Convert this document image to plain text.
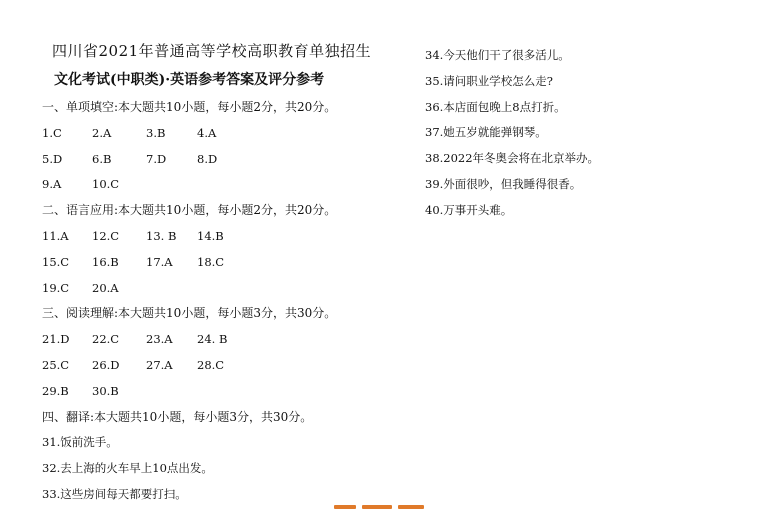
四川省2021年普通高等学校高职教育单独招生
文化考试(中职类)·英语参考答案及评分参考
一、单项填空:本大题共10小题，每小题2分，共20分。
1.C	2.A	3.B	4.A
5.D	6.B	7.D	8.D
9.A	10.C
二、语言应用:本大题共10小题，每小题2分，共20分。
11.A 12.C 13. B 14.B
15.C 16.B 17.A 18.C
19.C 20.A
三、阅读理解:本大题共10小题，每小题3分，共30分。
21.D 22.C 23.A 24. B
25.C 26.D 27.A 28.C
29.B 30.B
四、翻译:本大题共10小题，每小题3分，共30分。
31.饭前洗手。
32.去上海的火车早上10点出发。
33.这些房间每天都要打扫。
34.今天他们干了很多活儿。
35.请问职业学校怎么走?
36.本店面包晚上8点打折。
37.她五岁就能弹钢琴。
38.2022年冬奥会将在北京举办。
39.外面很吵，但我睡得很香。
40.万事开头难。
